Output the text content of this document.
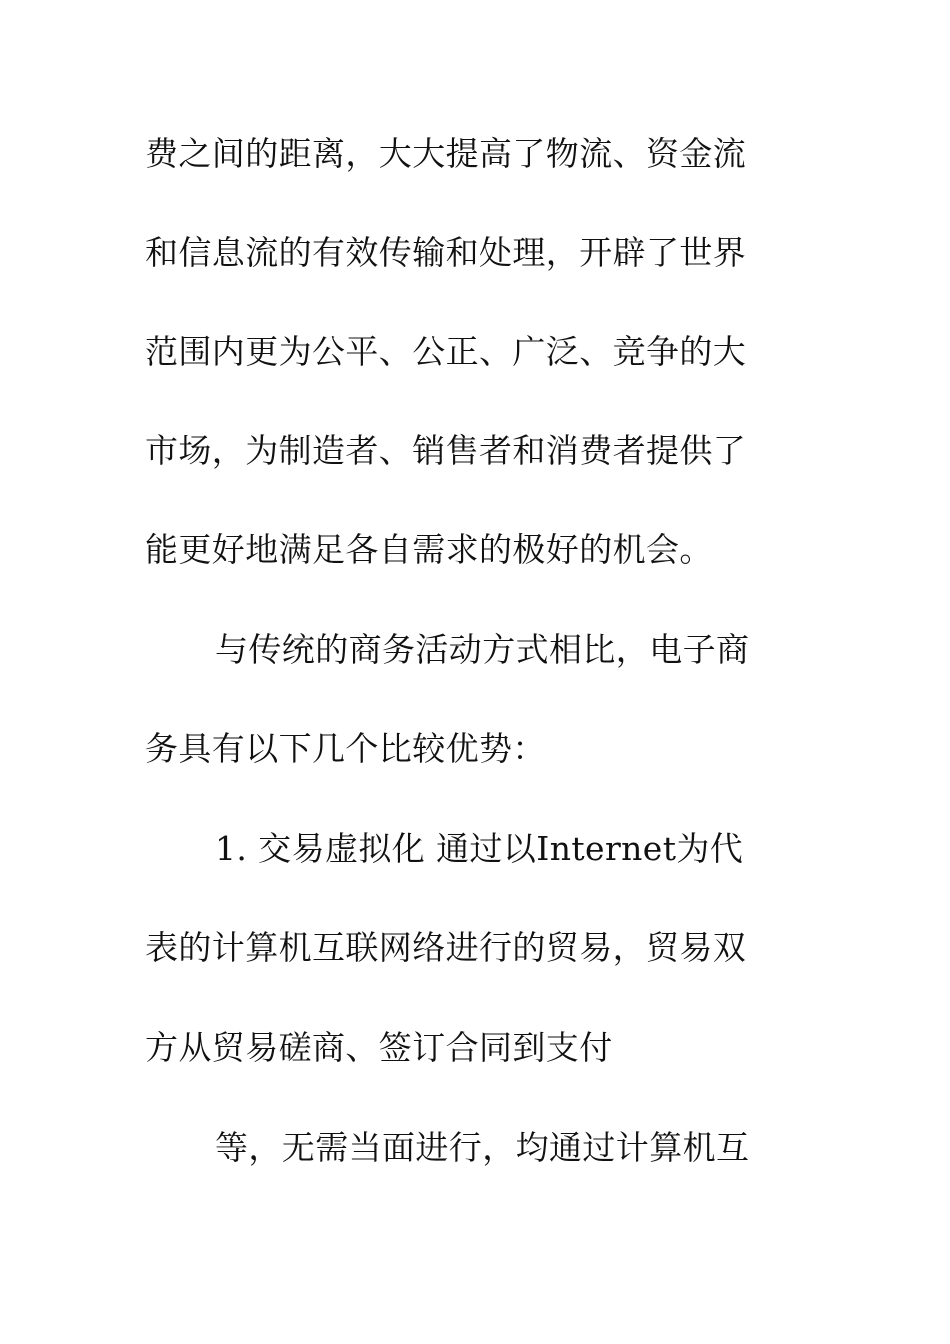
费之间的距离，大大提高了物流、资金流
和信息流的有效传输和处理，开辟了世界
范围内更为公平、公正、广泛、竞争的大
市场，为制造者、销售者和消费者提供了
能更好地满足各自需求的极好的机会。
与传统的商务活动方式相比，电子商
务具有以下几个比较优势：
1. 交易虚拟化 通过以Internet为代
表的计算机互联网络进行的贸易，贸易双
方从贸易磋商、签订合同到支付
等，无需当面进行，均通过计算机互
